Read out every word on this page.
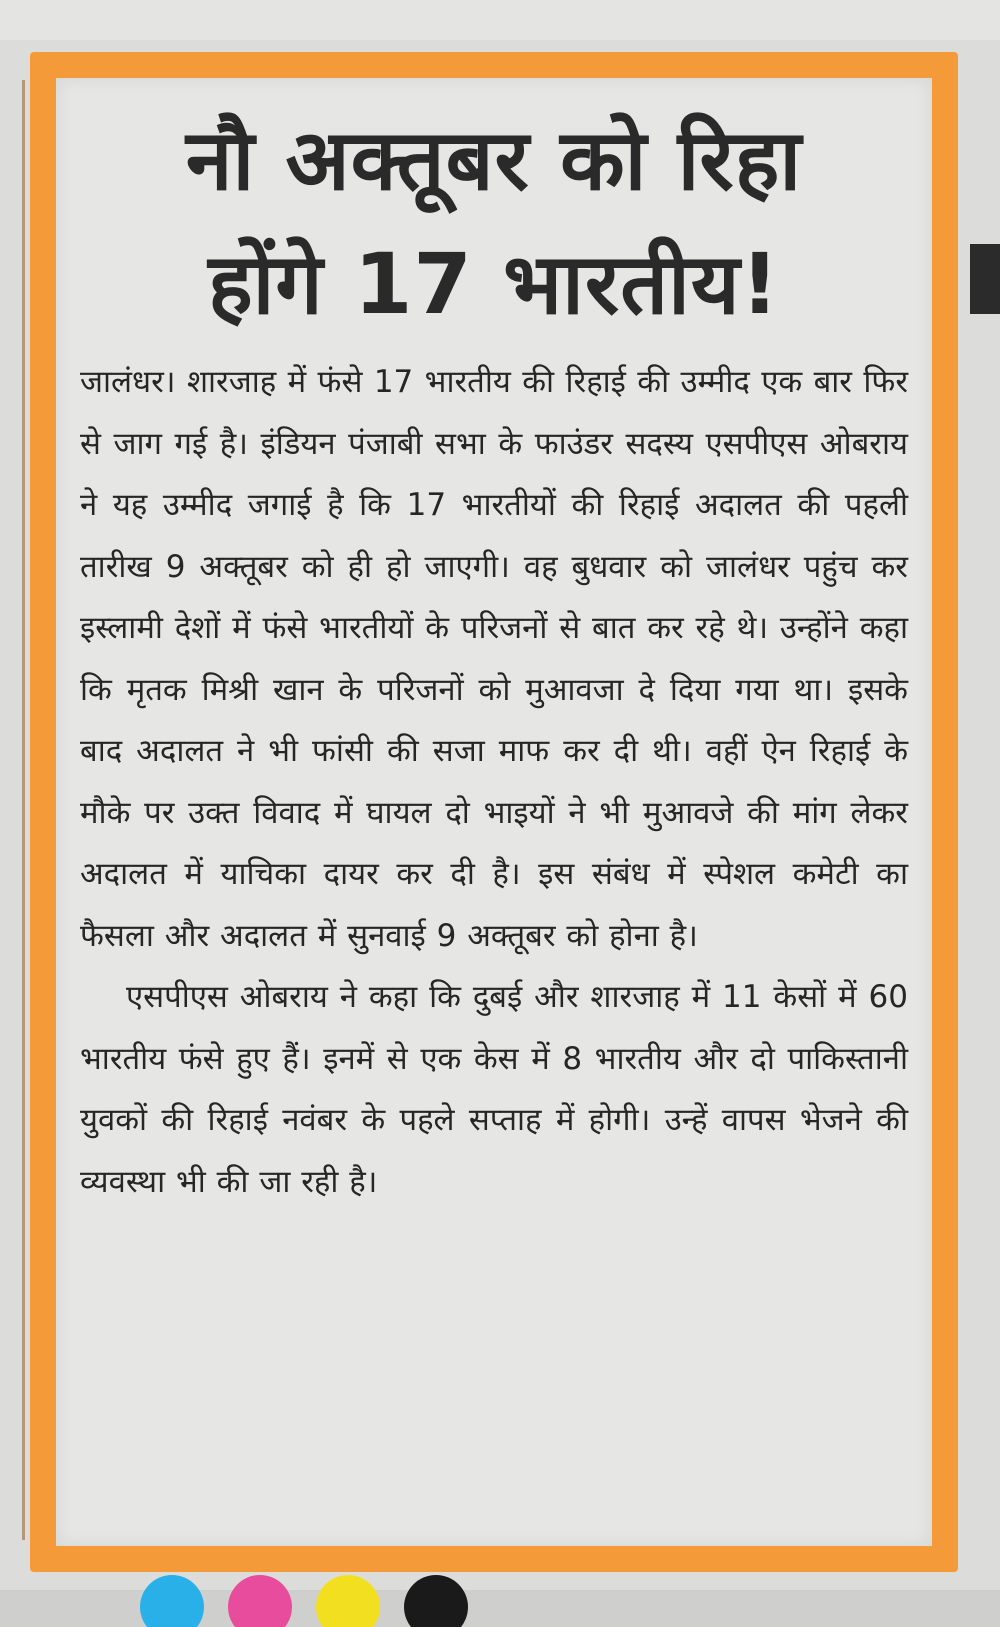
नौ अक्तूबर को रिहा
होंगे 17 भारतीय!

जालंधर। शारजाह में फंसे 17 भारतीय की रिहाई की उम्मीद एक बार फिर से जाग गई है। इंडियन पंजाबी सभा के फाउंडर सदस्य एसपीएस ओबराय ने यह उम्मीद जगाई है कि 17 भारतीयों की रिहाई अदालत की पहली तारीख 9 अक्तूबर को ही हो जाएगी। वह बुधवार को जालंधर पहुंच कर इस्लामी देशों में फंसे भारतीयों के परिजनों से बात कर रहे थे। उन्होंने कहा कि मृतक मिश्री खान के परिजनों को मुआवजा दे दिया गया था। इसके बाद अदालत ने भी फांसी की सजा माफ कर दी थी। वहीं ऐन रिहाई के मौके पर उक्त विवाद में घायल दो भाइयों ने भी मुआवजे की मांग लेकर अदालत में याचिका दायर कर दी है। इस संबंध में स्पेशल कमेटी का फैसला और अदालत में सुनवाई 9 अक्तूबर को होना है।

एसपीएस ओबराय ने कहा कि दुबई और शारजाह में 11 केसों में 60 भारतीय फंसे हुए हैं। इनमें से एक केस में 8 भारतीय और दो पाकिस्तानी युवकों की रिहाई नवंबर के पहले सप्ताह में होगी। उन्हें वापस भेजने की व्यवस्था भी की जा रही है।
